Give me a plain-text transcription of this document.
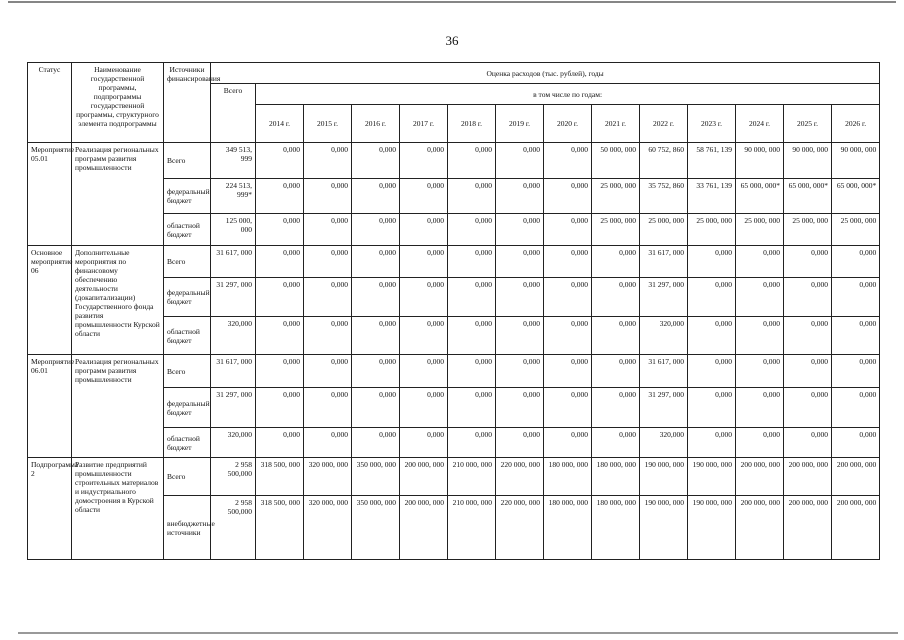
36
Статус	Наименование государственной программы, подпрограммы государственной программы, структурного элемента подпрограммы	Источники финансирования	Оценка расходов (тыс. рублей), годы													
			Всего	в том числе по годам:												
				2014 г.	2015 г.	2016 г.	2017 г.	2018 г.	2019 г.	2020 г.	2021 г.	2022 г.	2023 г.	2024 г.	2025 г.	2026 г.
Мероприятие 05.01	Реализация региональных программ развития промышленности	Всего	349 513, 999	0,000	0,000	0,000	0,000	0,000	0,000	0,000	50 000, 000	60 752, 860	58 761, 139	90 000, 000	90 000, 000	90 000, 000
		федеральный бюджет	224 513, 999*	0,000	0,000	0,000	0,000	0,000	0,000	0,000	25 000, 000	35 752, 860	33 761, 139	65 000, 000*	65 000, 000*	65 000, 000*
		областной бюджет	125 000, 000	0,000	0,000	0,000	0,000	0,000	0,000	0,000	25 000, 000	25 000, 000	25 000, 000	25 000, 000	25 000, 000	25 000, 000
Основное мероприятие 06	Дополнительные мероприятия по финансовому обеспечению деятельности (докапитализации) Государственного фонда развития промышленности Курской области	Всего	31 617, 000	0,000	0,000	0,000	0,000	0,000	0,000	0,000	0,000	31 617, 000	0,000	0,000	0,000	0,000
		федеральный бюджет	31 297, 000	0,000	0,000	0,000	0,000	0,000	0,000	0,000	0,000	31 297, 000	0,000	0,000	0,000	0,000
		областной бюджет	320,000	0,000	0,000	0,000	0,000	0,000	0,000	0,000	0,000	320,000	0,000	0,000	0,000	0,000
Мероприятие 06.01	Реализация региональных программ развития промышленности	Всего	31 617, 000	0,000	0,000	0,000	0,000	0,000	0,000	0,000	0,000	31 617, 000	0,000	0,000	0,000	0,000
		федеральный бюджет	31 297, 000	0,000	0,000	0,000	0,000	0,000	0,000	0,000	0,000	31 297, 000	0,000	0,000	0,000	0,000
		областной бюджет	320,000	0,000	0,000	0,000	0,000	0,000	0,000	0,000	0,000	320,000	0,000	0,000	0,000	0,000
Подпрограмма 2	Развитие предприятий промышленности строительных материалов и индустриального домостроения в Курской области	Всего	2 958 500,000	318 500, 000	320 000, 000	350 000, 000	200 000, 000	210 000, 000	220 000, 000	180 000, 000	180 000, 000	190 000, 000	190 000, 000	200 000, 000	200 000, 000	200 000, 000
		внебюджетные источники	2 958 500,000	318 500, 000	320 000, 000	350 000, 000	200 000, 000	210 000, 000	220 000, 000	180 000, 000	180 000, 000	190 000, 000	190 000, 000	200 000, 000	200 000, 000	200 000, 000
